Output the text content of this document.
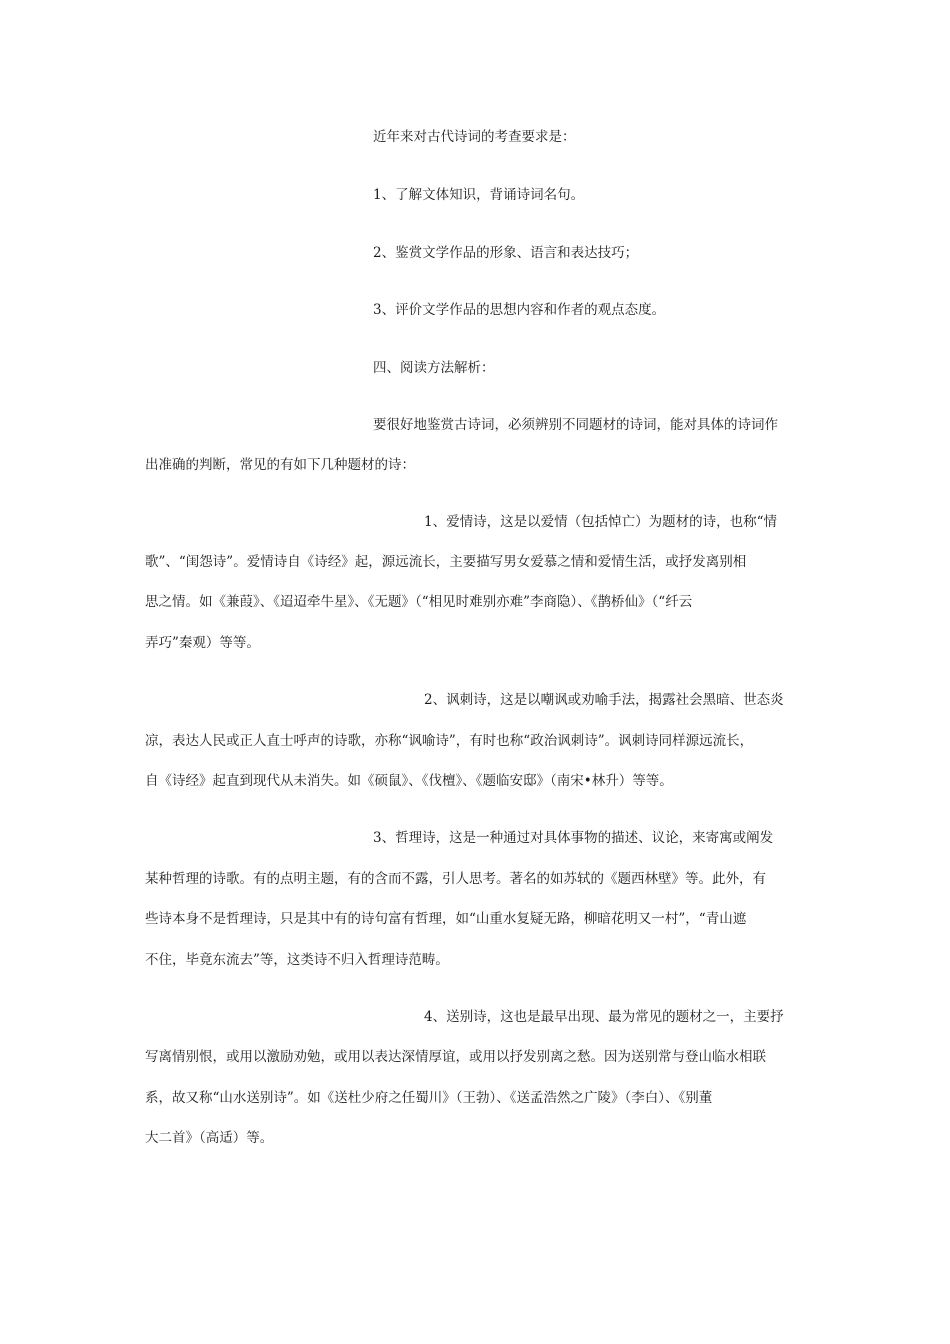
近年来对古代诗词的考查要求是：
1、了解文体知识，背诵诗词名句。
2、鉴赏文学作品的形象、语言和表达技巧；
3、评价文学作品的思想内容和作者的观点态度。
四、阅读方法解析：
要很好地鉴赏古诗词，必须辨别不同题材的诗词，能对具体的诗词作
出准确的判断，常见的有如下几种题材的诗：
1、爱情诗，这是以爱情（包括悼亡）为题材的诗，也称“情
歌”、“闺怨诗”。爱情诗自《诗经》起，源远流长，主要描写男女爱慕之情和爱情生活，或抒发离别相
思之情。如《兼葭》、《迢迢牵牛星》、《无题》（“相见时难别亦难”李商隐）、《鹊桥仙》（“纤云
弄巧”秦观）等等。
2、讽刺诗，这是以嘲讽或劝喻手法，揭露社会黑暗、世态炎
凉，表达人民或正人直士呼声的诗歌，亦称“讽喻诗”，有时也称“政治讽刺诗”。讽刺诗同样源远流长，
自《诗经》起直到现代从未消失。如《硕鼠》、《伐檀》、《题临安邸》（南宋•林升）等等。
3、哲理诗，这是一种通过对具体事物的描述、议论，来寄寓或阐发
某种哲理的诗歌。有的点明主题，有的含而不露，引人思考。著名的如苏轼的《题西林壁》等。此外，有
些诗本身不是哲理诗，只是其中有的诗句富有哲理，如“山重水复疑无路，柳暗花明又一村”，“青山遮
不住，毕竟东流去”等，这类诗不归入哲理诗范畴。
4、送别诗，这也是最早出现、最为常见的题材之一，主要抒
写离情别恨，或用以激励劝勉，或用以表达深情厚谊，或用以抒发别离之愁。因为送别常与登山临水相联
系，故又称“山水送别诗”。如《送杜少府之任蜀川》（王勃）、《送孟浩然之广陵》（李白）、《别董
大二首》（高适）等。
